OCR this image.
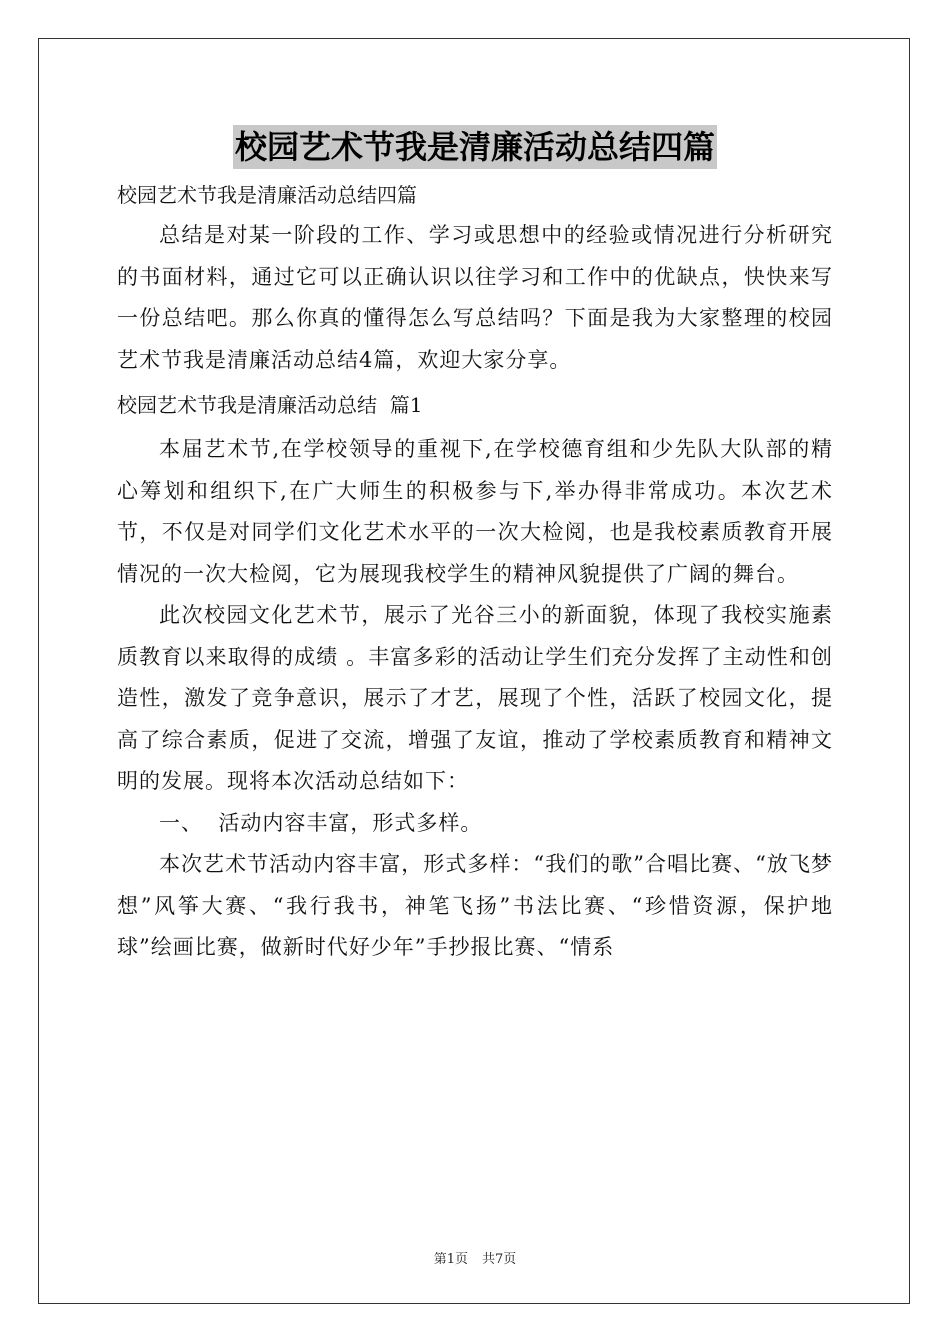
校园艺术节我是清廉活动总结四篇

校园艺术节我是清廉活动总结四篇

总结是对某一阶段的工作、学习或思想中的经验或情况进行分析研究的书面材料，通过它可以正确认识以往学习和工作中的优缺点，快快来写一份总结吧。那么你真的懂得怎么写总结吗？下面是我为大家整理的校园艺术节我是清廉活动总结4篇，欢迎大家分享。

校园艺术节我是清廉活动总结  篇1

本届艺术节,在学校领导的重视下,在学校德育组和少先队大队部的精心筹划和组织下,在广大师生的积极参与下,举办得非常成功。本次艺术节，不仅是对同学们文化艺术水平的一次大检阅，也是我校素质教育开展情况的一次大检阅，它为展现我校学生的精神风貌提供了广阔的舞台。

此次校园文化艺术节，展示了光谷三小的新面貌，体现了我校实施素质教育以来取得的成绩 。丰富多彩的活动让学生们充分发挥了主动性和创造性，激发了竞争意识，展示了才艺，展现了个性，活跃了校园文化，提高了综合素质，促进了交流，增强了友谊，推动了学校素质教育和精神文明的发展。现将本次活动总结如下：

一、  活动内容丰富，形式多样。

本次艺术节活动内容丰富，形式多样：“我们的歌”合唱比赛、“放飞梦想”风筝大赛、“我行我书，神笔飞扬”书法比赛、“珍惜资源，保护地球”绘画比赛，做新时代好少年”手抄报比赛、“情系

第1页 共7页
